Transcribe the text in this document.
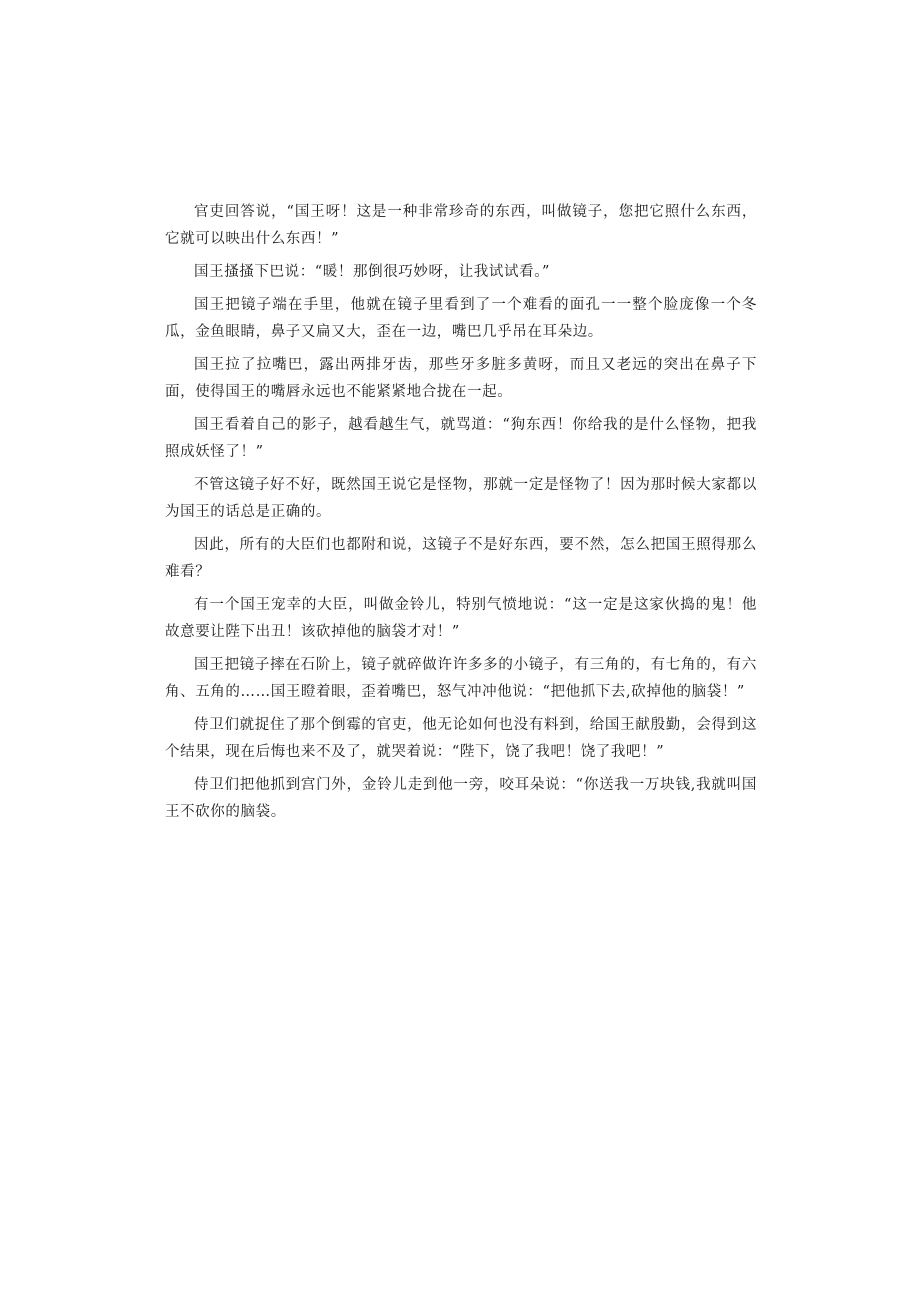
官吏回答说，“国王呀！这是一种非常珍奇的东西，叫做镜子，您把它照什么东西，它就可以映出什么东西！”

国王搔搔下巴说：“暖！那倒很巧妙呀，让我试试看。”

国王把镜子端在手里，他就在镜子里看到了一个难看的面孔一一整个脸庞像一个冬瓜，金鱼眼睛，鼻子又扁又大，歪在一边，嘴巴几乎吊在耳朵边。

国王拉了拉嘴巴，露出两排牙齿，那些牙多脏多黄呀，而且又老远的突出在鼻子下面，使得国王的嘴唇永远也不能紧紧地合拢在一起。

国王看着自己的影子，越看越生气，就骂道：“狗东西！你给我的是什么怪物，把我照成妖怪了！”

不管这镜子好不好，既然国王说它是怪物，那就一定是怪物了！因为那时候大家都以为国王的话总是正确的。

因此，所有的大臣们也都附和说，这镜子不是好东西，要不然，怎么把国王照得那么难看？

有一个国王宠幸的大臣，叫做金铃儿，特别气愤地说：“这一定是这家伙捣的鬼！他故意要让陛下出丑！该砍掉他的脑袋才对！”

国王把镜子摔在石阶上，镜子就碎做许许多多的小镜子，有三角的，有七角的，有六角、五角的……国王瞪着眼，歪着嘴巴，怒气冲冲他说：“把他抓下去,砍掉他的脑袋！”

侍卫们就捉住了那个倒霉的官吏，他无论如何也没有料到，给国王献殷勤，会得到这个结果，现在后悔也来不及了，就哭着说：“陛下，饶了我吧！饶了我吧！”

侍卫们把他抓到宫门外，金铃儿走到他一旁，咬耳朵说：“你送我一万块钱,我就叫国王不砍你的脑袋。
